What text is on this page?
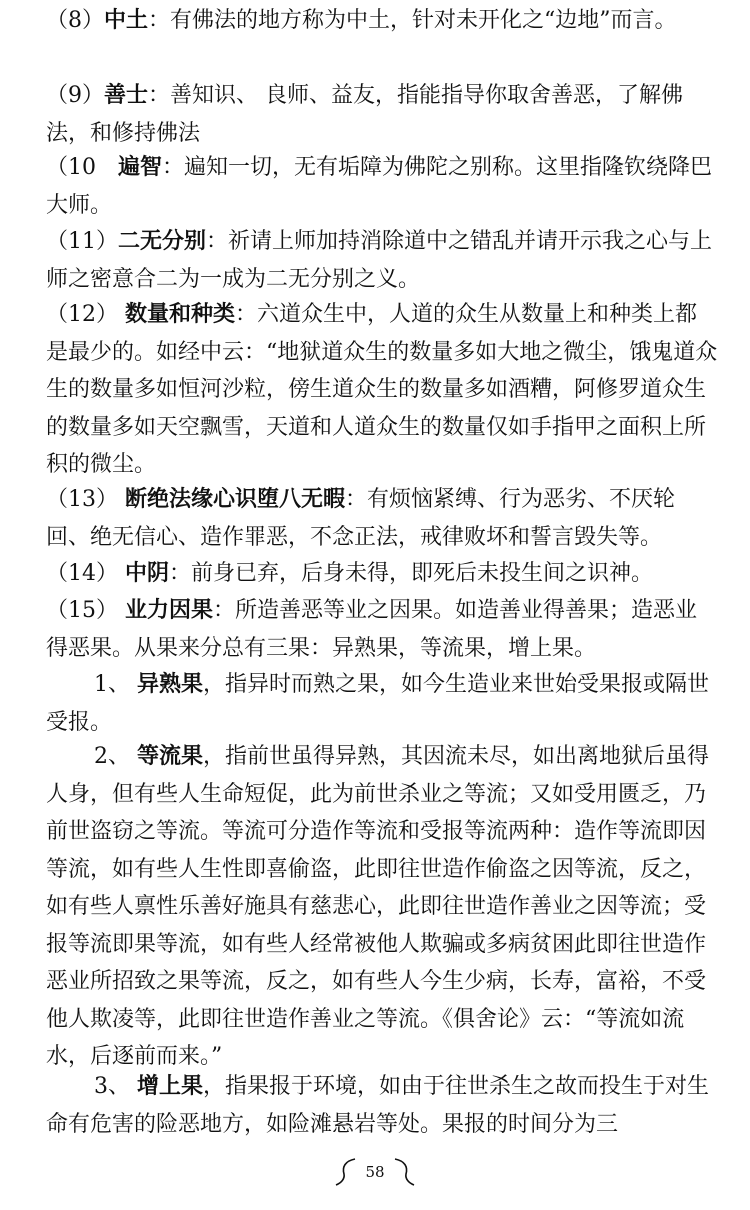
（8）中土：有佛法的地方称为中土，针对未开化之“边地”而言。

（9）善士：善知识、 良师、益友，指能指导你取舍善恶，了解佛法，和修持佛法

（10　遍智：遍知一切，无有垢障为佛陀之别称。这里指隆钦绕降巴大师。

（11）二无分别：祈请上师加持消除道中之错乱并请开示我之心与上师之密意合二为一成为二无分别之义。

（12） 数量和种类：六道众生中，人道的众生从数量上和种类上都是最少的。如经中云：“地狱道众生的数量多如大地之微尘，饿鬼道众生的数量多如恒河沙粒，傍生道众生的数量多如酒糟，阿修罗道众生的数量多如天空飘雪，天道和人道众生的数量仅如手指甲之面积上所积的微尘。

（13） 断绝法缘心识堕八无暇：有烦恼紧缚、行为恶劣、不厌轮回、绝无信心、造作罪恶，不念正法，戒律败坏和誓言毁失等。

（14） 中阴：前身已弃，后身未得，即死后未投生间之识神。

（15） 业力因果：所造善恶等业之因果。如造善业得善果；造恶业得恶果。从果来分总有三果：异熟果，等流果，增上果。

1、 异熟果，指异时而熟之果，如今生造业来世始受果报或隔世受报。

2、 等流果，指前世虽得异熟，其因流未尽，如出离地狱后虽得人身，但有些人生命短促，此为前世杀业之等流；又如受用匮乏，乃前世盗窃之等流。等流可分造作等流和受报等流两种：造作等流即因等流，如有些人生性即喜偷盗，此即往世造作偷盗之因等流，反之，如有些人禀性乐善好施具有慈悲心，此即往世造作善业之因等流；受报等流即果等流，如有些人经常被他人欺骗或多病贫困此即往世造作恶业所招致之果等流，反之，如有些人今生少病，长寿，富裕，不受他人欺凌等，此即往世造作善业之等流。《俱舍论》云：“等流如流水，后逐前而来。”

3、 增上果，指果报于环境，如由于往世杀生之故而投生于对生命有危害的险恶地方，如险滩悬岩等处。果报的时间分为三

58
